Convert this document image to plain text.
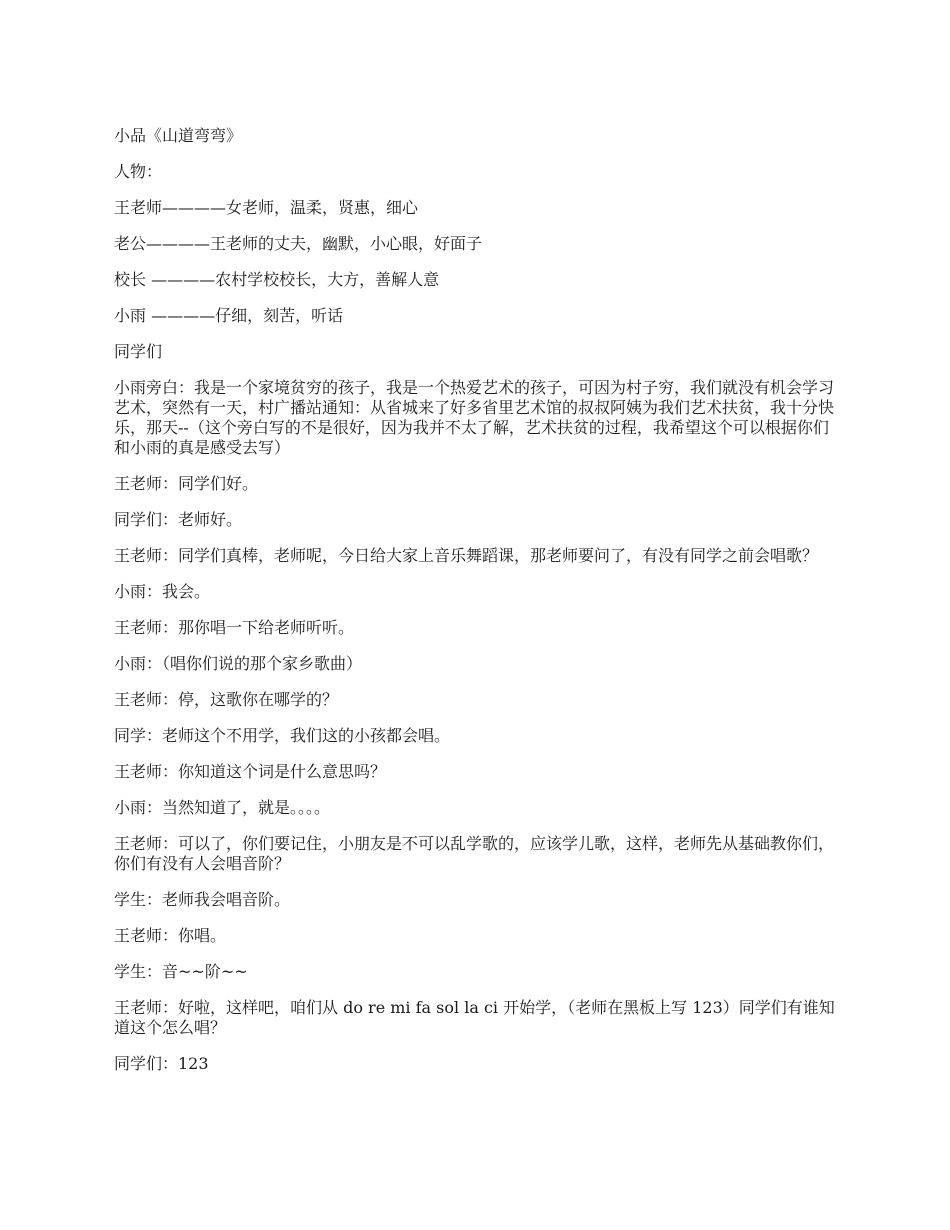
小品《山道弯弯》

人物：

王老师————女老师，温柔，贤惠，细心

老公————王老师的丈夫，幽默，小心眼，好面子

校长 ————农村学校校长，大方，善解人意

小雨 ————仔细，刻苦，听话

同学们

小雨旁白：我是一个家境贫穷的孩子，我是一个热爱艺术的孩子，可因为村子穷，我们就没有机会学习艺术，突然有一天，村广播站通知：从省城来了好多省里艺术馆的叔叔阿姨为我们艺术扶贫，我十分快乐，那天--（这个旁白写的不是很好，因为我并不太了解，艺术扶贫的过程，我希望这个可以根据你们和小雨的真是感受去写）

王老师：同学们好。

同学们：老师好。

王老师：同学们真棒，老师呢，今日给大家上音乐舞蹈课，那老师要问了，有没有同学之前会唱歌？

小雨：我会。

王老师：那你唱一下给老师听听。

小雨：（唱你们说的那个家乡歌曲）

王老师：停，这歌你在哪学的？

同学：老师这个不用学，我们这的小孩都会唱。

王老师：你知道这个词是什么意思吗？

小雨：当然知道了，就是。。。。

王老师：可以了，你们要记住，小朋友是不可以乱学歌的，应该学儿歌，这样，老师先从基础教你们，你们有没有人会唱音阶？

学生：老师我会唱音阶。

王老师：你唱。

学生：音~~阶~~

王老师：好啦，这样吧，咱们从 do re mi fa sol la ci 开始学，（老师在黑板上写 123）同学们有谁知道这个怎么唱？

同学们：123
